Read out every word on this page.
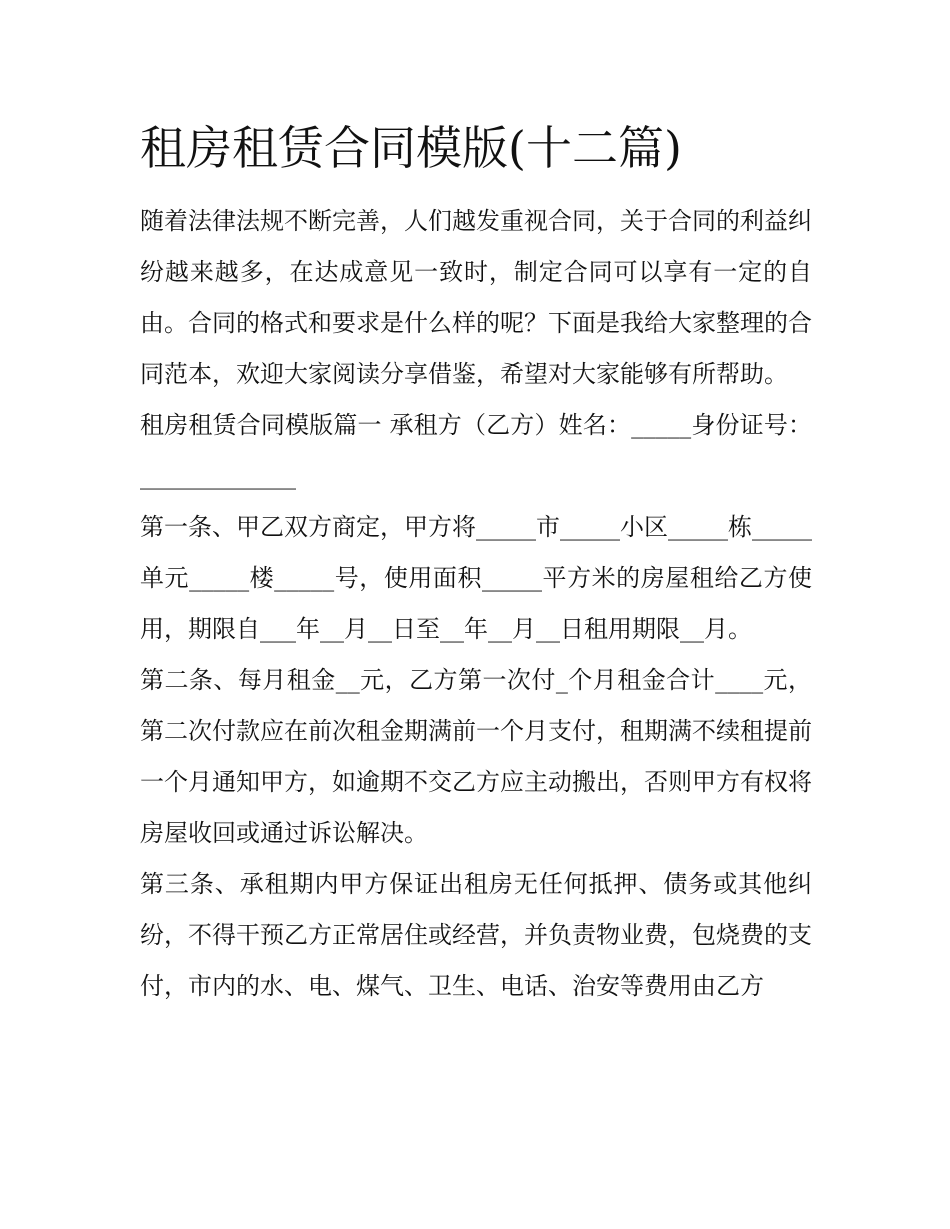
租房租赁合同模版(十二篇)

随着法律法规不断完善，人们越发重视合同，关于合同的利益纠纷越来越多，在达成意见一致时，制定合同可以享有一定的自由。合同的格式和要求是什么样的呢？下面是我给大家整理的合同范本，欢迎大家阅读分享借鉴，希望对大家能够有所帮助。

租房租赁合同模版篇一 承租方（乙方）姓名：_____身份证号：_____________

第一条、甲乙双方商定，甲方将_____市_____小区_____栋_____单元_____楼_____号，使用面积_____平方米的房屋租给乙方使用，期限自___年__月__日至__年__月__日租用期限__月。

第二条、每月租金__元，乙方第一次付_个月租金合计____元，第二次付款应在前次租金期满前一个月支付，租期满不续租提前一个月通知甲方，如逾期不交乙方应主动搬出，否则甲方有权将房屋收回或通过诉讼解决。

第三条、承租期内甲方保证出租房无任何抵押、债务或其他纠纷，不得干预乙方正常居住或经营，并负责物业费，包烧费的支付，市内的水、电、煤气、卫生、电话、治安等费用由乙方
